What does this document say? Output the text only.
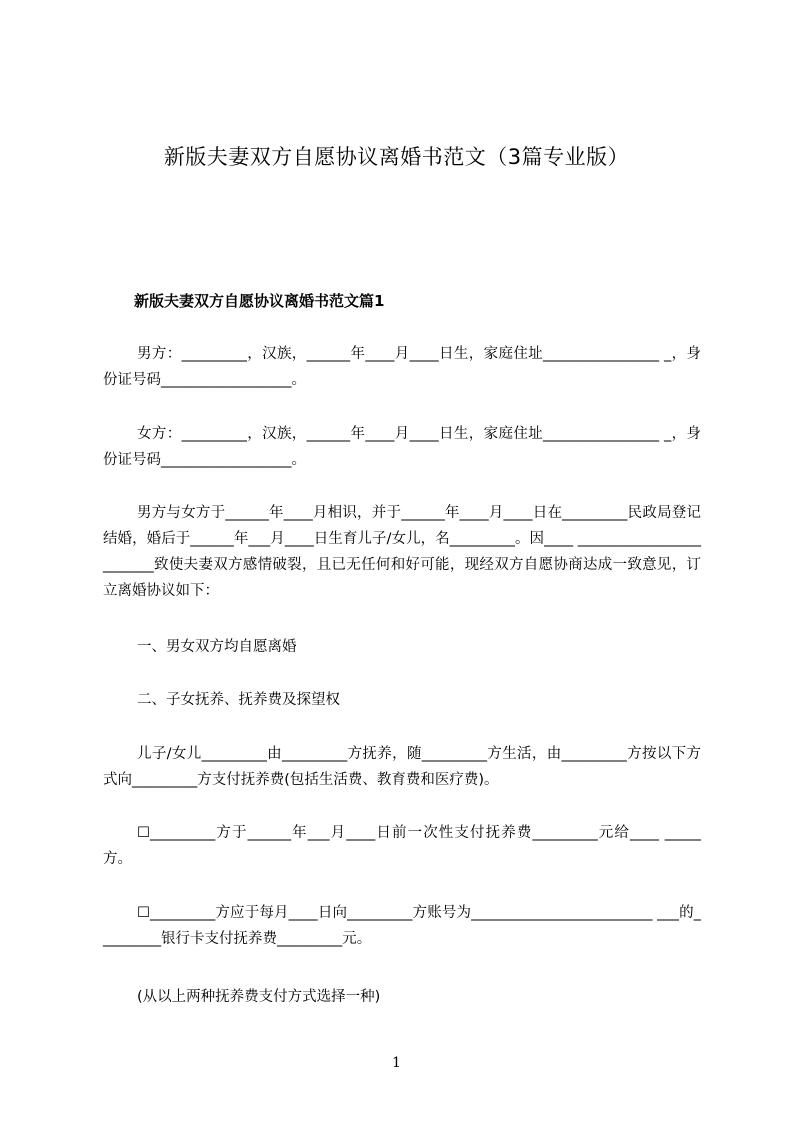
新版夫妻双方自愿协议离婚书范文（3篇专业版）
新版夫妻双方自愿协议离婚书范文篇1

男方：_________，汉族，______年____月____日生，家庭住址________________ _，身份证号码__________________。

女方：_________，汉族，______年____月____日生，家庭住址________________ _，身份证号码__________________。

男方与女方于______年____月相识，并于______年____月____日在_________民政局登记结婚，婚后于______年___月____日生育儿子/女儿，名_________。因____ ________________________致使夫妻双方感情破裂，且已无任何和好可能，现经双方自愿协商达成一致意见，订立离婚协议如下：

一、男女双方均自愿离婚

二、子女抚养、抚养费及探望权

儿子/女儿_________由_________方抚养，随_________方生活，由_________方按以下方式向_________方支付抚养费(包括生活费、教育费和医疗费)。

☐_________方于______年___月____日前一次性支付抚养费_________元给____ _____方。

☐_________方应于每月____日向_________方账号为_________________________ ___的_________银行卡支付抚养费_________元。

(从以上两种抚养费支付方式选择一种)

1
